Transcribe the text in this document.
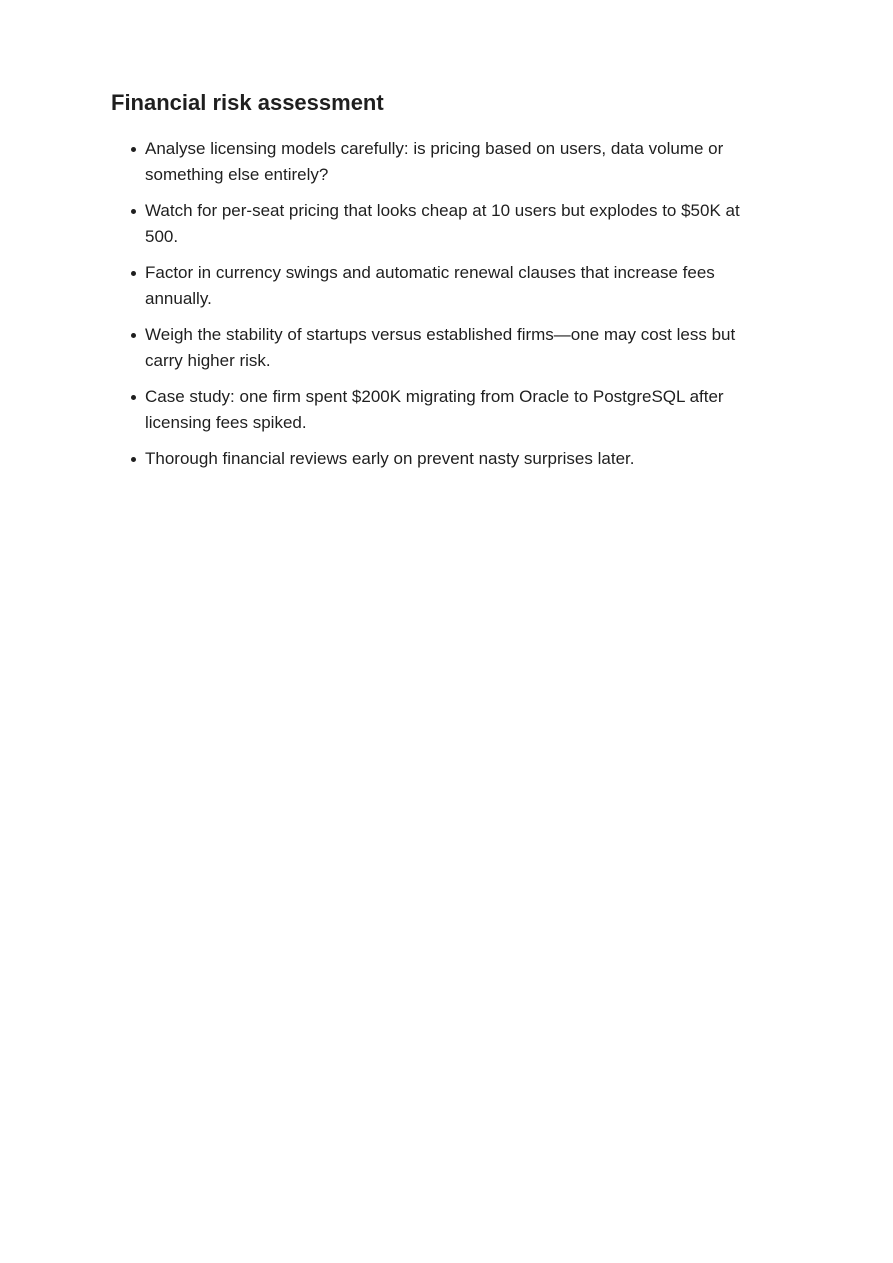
Financial risk assessment
Analyse licensing models carefully: is pricing based on users, data volume or something else entirely?
Watch for per-seat pricing that looks cheap at 10 users but explodes to $50K at 500.
Factor in currency swings and automatic renewal clauses that increase fees annually.
Weigh the stability of startups versus established firms—one may cost less but carry higher risk.
Case study: one firm spent $200K migrating from Oracle to PostgreSQL after licensing fees spiked.
Thorough financial reviews early on prevent nasty surprises later.
